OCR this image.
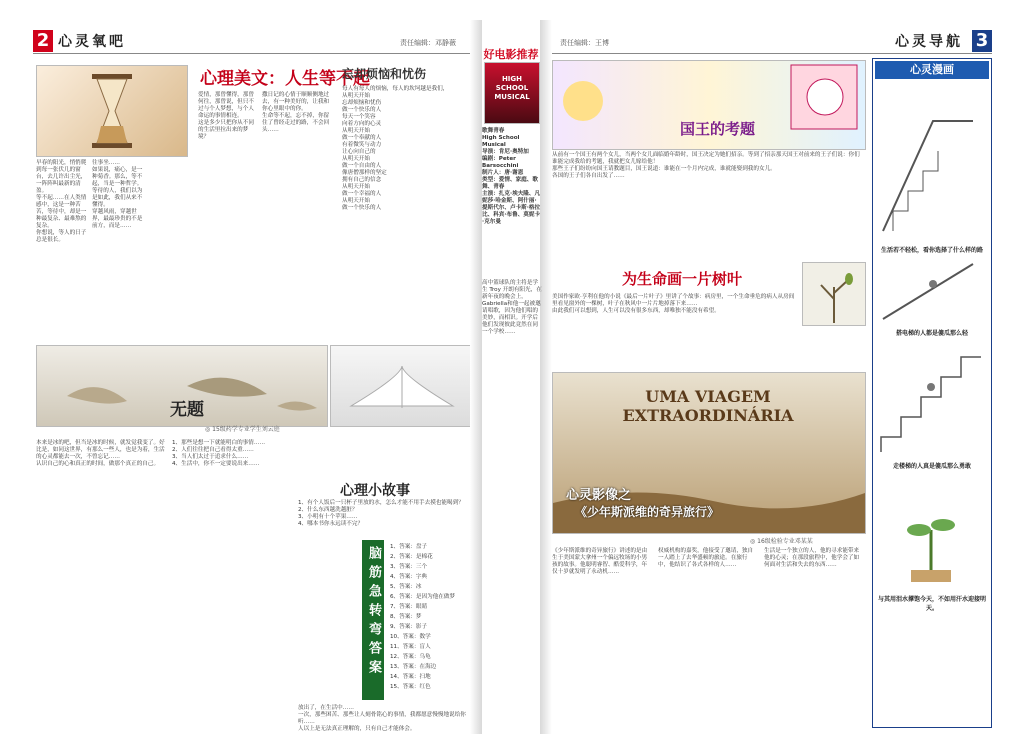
2 心灵氧吧	责任编辑：邓静薇
心理美文：人生等不起
忘却烦恼和忧伤
早春的阳光，悄悄爬到每一张伏几的窗台，去几许出尘光，一阵阵叫最新的清盈。
等不起……在人类情感中，这是一种苦苦，等待中，却是一种最复杂、最难熬的复杂。
你想说，等人的日子总是很长。
往事坐……
如果说，痛心，是一种菊香。那么，等不起，当是一种哲学。等待的人，我们以为是如此，我们从来不懂得。
穿越风雨，穿越世界，最最珍贵的不是前方，而是……
爱情，那曾懂得，那曾何往，那曾说，但只不过与个人梦想，与个人命运的事情相连。
这是多少只把你从不同的生活里拉出来的梦境？
撒日记的心情于顺顺侧地过去，有一种美好的，让我和你心里眼中的你。
生命等不起，忘不掉，你留住了曾经走过的路，不会回头……
每人有每人的烦恼，每人的坎坷越是我们，
从明天开始
忘却烦恼和忧伤
做一个快乐的人
每天一个笑容
向着方向的心灵
从明天开始
做一个奉献的人
有着微笑与动力
让心向自己的
从明天开始
做一个自由的人
像唐僧那样的坚定
拥有自己的信念
从明天开始
做一个幸福的人
从明天开始
做一个快乐的人
无题
◎ 15级药学专业学生刘云庭
本来是冰的吧，但当是冰的时候，就发觉我变了。好比是，如同这世界，有那么一些人，也是为着，生活的心灵都能去一次，不曾忘记……
认识自己的心和真正的时间，做那个真正的自己。
1、那些是想一下就能明白的事情……
2、人们往往把自己看得太重……
3、当人们太过于追求什么……
4、生活中，你不一定要说出来……
心理小故事
1、有个人饭后一只杯子里放的水，怎么才能不用手去摸也能喝到？
2、什么东西越洗越脏？
3、小明有十个苹果……
4、哪本书你永远读不完？
脑筋急转弯答案	1、答案：盘子
2、答案：是棉花
3、答案：三个
4、答案：字典
5、答案：冰
6、答案：是因为他在做梦
7、答案：眼睛
8、答案：梦
9、答案：影子
10、答案：数学
11、答案：盲人
12、答案：乌龟
13、答案：在海边
14、答案：扫地
15、答案：红色
放出了，在生活中……
一次，那些困苦、那些让人刻骨铭心的事情，我都愿意慢慢地说给你听……
人以上是无法真正理解的，只有自己才能体会。
好电影推荐
HIGH SCHOOL MUSICAL
歌舞青春
High School Musical
导演：肯尼·奥特加
编剧：Peter Barsocchini
制片人：唐·谢恩
类型：爱情、家庭、歌舞、青春
主演：扎克·埃夫隆、凡妮莎·哈金斯、阿什丽·提斯代尔、卢卡斯·格拉比、科宾·布鲁、莫妮卡·克尔曼
高中篮球队的主将是学生 Troy 开朗有阳光，在新年夜的晚会上，Gabriella和他一起被邀请唱歌，因为他们唱的美妙，而相识。开学后他们发现彼此竟然在同一个学校……
责任编辑：王博	心灵导航 3
国王的考题
从前有一个国王有两个女儿，当两个女儿面临婚年龄时，国王决定为她们招亲。等到了招亲那天国王对前来的王子们说：你们谁能完成我给的考题，我就把女儿嫁给他！
那些王子们纷纷向国王请教题目，国王说道：谁能在一个月内完成，谁就能娶到我的女儿。
各国的王子们各自出发了……
为生命画一片树叶
美国作家欧·亨利在他的小说《最后一片叶子》里讲了个故事：病房里，一个生命垂危的病人从房间里看见窗外的一棵树，叶子在秋风中一片片地掉落下来……
由此我们可以想到，人生可以没有很多东西，却唯独不能没有希望。
UMA VIAGEM EXTRAORDINÁRIA
心灵影像之
《少年斯派维的奇异旅行》
◎ 16级检验专业邓某某
《少年斯派维的奇异旅行》讲述的是由生于美国蒙大拿州一个偏远牧场的小男孩的故事。他聪明睿智、酷爱科学，年仅十岁就发明了永动机……
权威机构的嘉奖，他接受了邀请，独自一人踏上了去华盛顿的旅途。在旅行中，他结识了各式各样的人……
生活是一个独立的人，他的寻求能带来他的心灵；在那段旅程中，他学会了如何面对生活和失去的东西……
心灵漫画
生活若不轻松，看你选择了什么样的路
搭电梯的人都是傻瓜那么轻
走楼梯的人真是傻瓜那么勇敢
与其用泪水撑饱今天，不如用汗水迎接明天。
